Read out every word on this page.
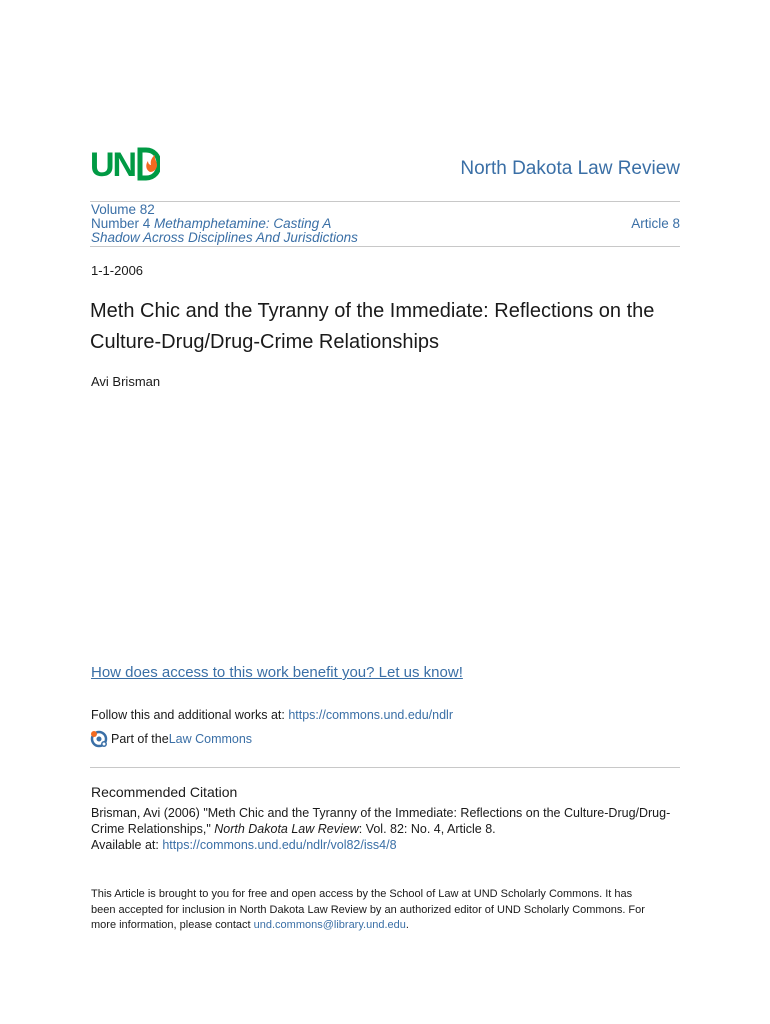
UN	North Dakota Law Review
Volume 82
Number 4 Methamphetamine: Casting A
Shadow Across Disciplines And Jurisdictions
Article 8
1-1-2006
Meth Chic and the Tyranny of the Immediate: Reflections on the
Culture-Drug/Drug-Crime Relationships
Avi Brisman
How does access to this work benefit you? Let us know!
Follow this and additional works at: https://commons.und.edu/ndlr
Part of the Law Commons
Recommended Citation
Brisman, Avi (2006) "Meth Chic and the Tyranny of the Immediate: Reflections on the Culture-Drug/Drug-
Crime Relationships," North Dakota Law Review: Vol. 82: No. 4, Article 8.
Available at: https://commons.und.edu/ndlr/vol82/iss4/8
This Article is brought to you for free and open access by the School of Law at UND Scholarly Commons. It has
been accepted for inclusion in North Dakota Law Review by an authorized editor of UND Scholarly Commons. For
more information, please contact und.commons@library.und.edu.
